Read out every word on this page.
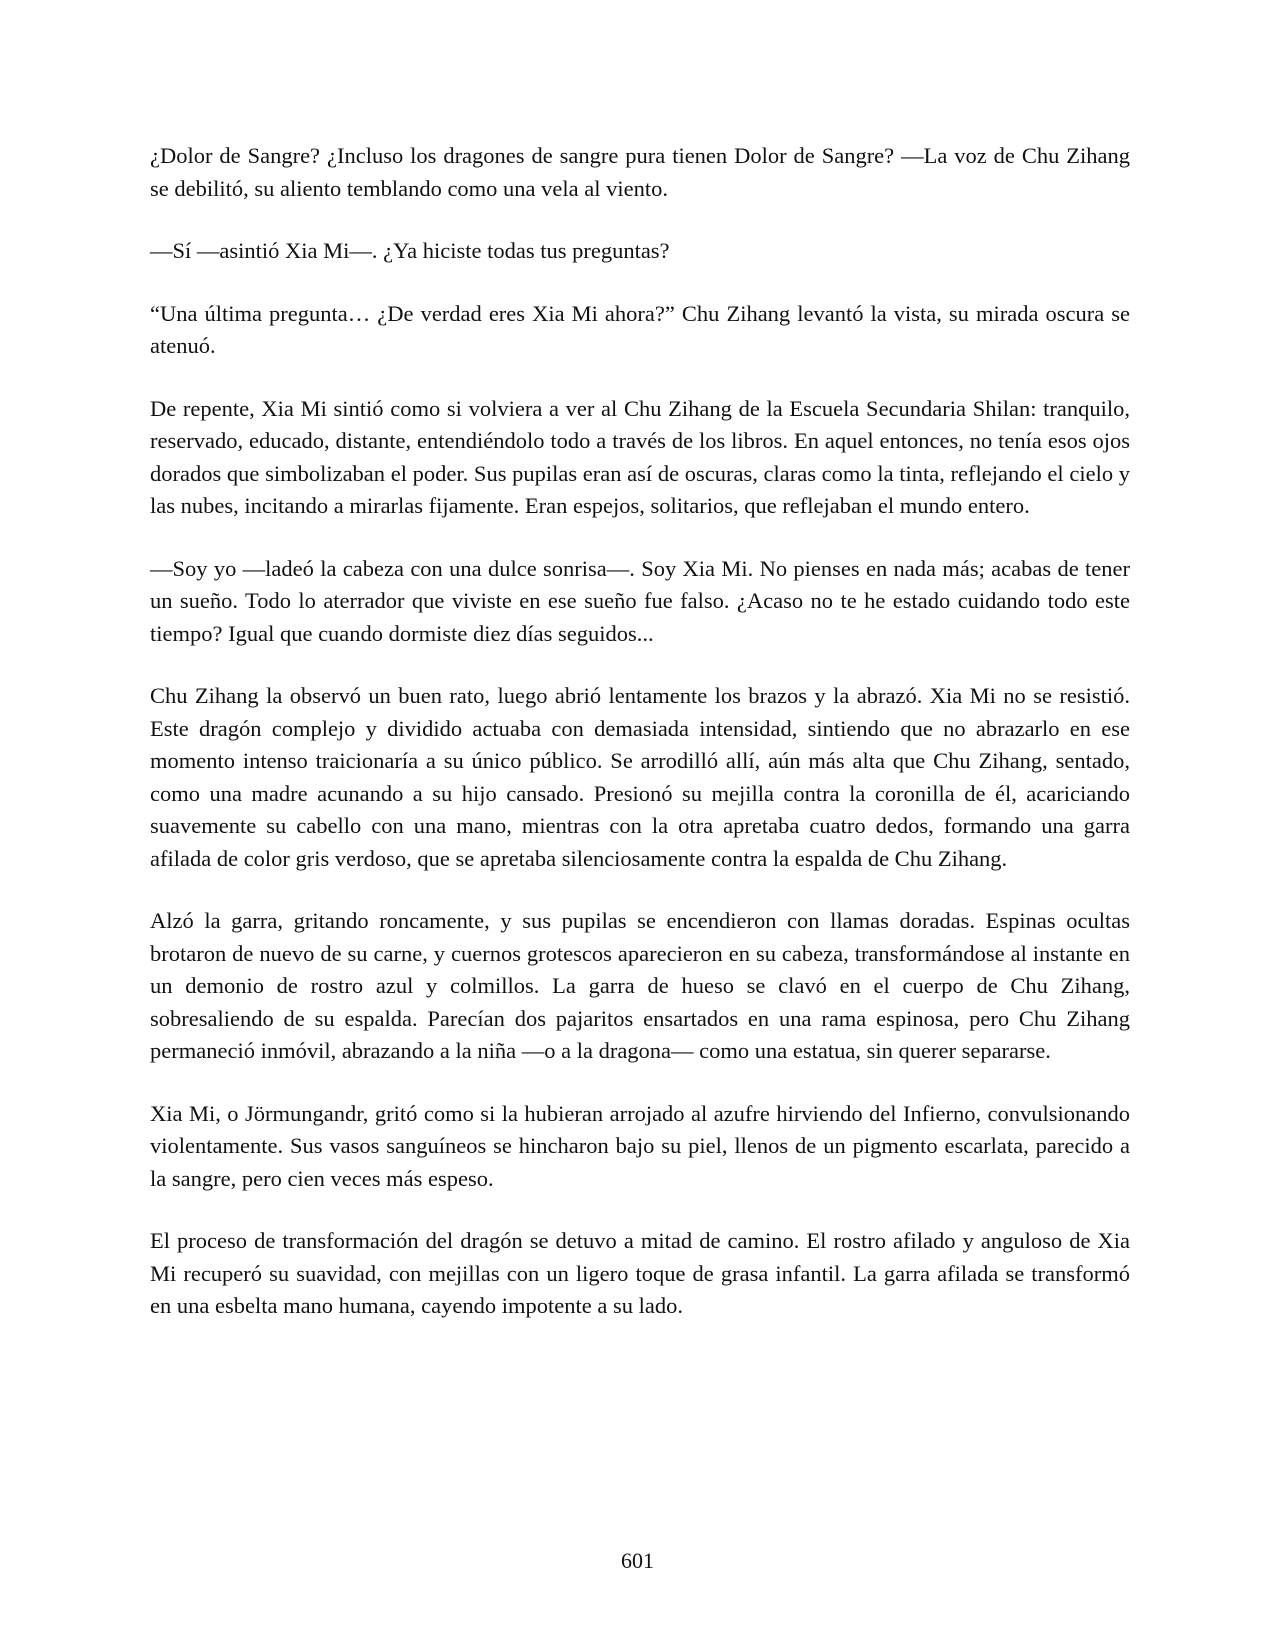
¿Dolor de Sangre? ¿Incluso los dragones de sangre pura tienen Dolor de Sangre? —La voz de Chu Zihang se debilitó, su aliento temblando como una vela al viento.

—Sí —asintió Xia Mi—. ¿Ya hiciste todas tus preguntas?

“Una última pregunta… ¿De verdad eres Xia Mi ahora?” Chu Zihang levantó la vista, su mirada oscura se atenuó.

De repente, Xia Mi sintió como si volviera a ver al Chu Zihang de la Escuela Secundaria Shilan: tranquilo, reservado, educado, distante, entendiéndolo todo a través de los libros. En aquel entonces, no tenía esos ojos dorados que simbolizaban el poder. Sus pupilas eran así de oscuras, claras como la tinta, reflejando el cielo y las nubes, incitando a mirarlas fijamente. Eran espejos, solitarios, que reflejaban el mundo entero.

—Soy yo —ladeó la cabeza con una dulce sonrisa—. Soy Xia Mi. No pienses en nada más; acabas de tener un sueño. Todo lo aterrador que viviste en ese sueño fue falso. ¿Acaso no te he estado cuidando todo este tiempo? Igual que cuando dormiste diez días seguidos...

Chu Zihang la observó un buen rato, luego abrió lentamente los brazos y la abrazó. Xia Mi no se resistió. Este dragón complejo y dividido actuaba con demasiada intensidad, sintiendo que no abrazarlo en ese momento intenso traicionaría a su único público. Se arrodilló allí, aún más alta que Chu Zihang, sentado, como una madre acunando a su hijo cansado. Presionó su mejilla contra la coronilla de él, acariciando suavemente su cabello con una mano, mientras con la otra apretaba cuatro dedos, formando una garra afilada de color gris verdoso, que se apretaba silenciosamente contra la espalda de Chu Zihang.

Alzó la garra, gritando roncamente, y sus pupilas se encendieron con llamas doradas. Espinas ocultas brotaron de nuevo de su carne, y cuernos grotescos aparecieron en su cabeza, transformándose al instante en un demonio de rostro azul y colmillos. La garra de hueso se clavó en el cuerpo de Chu Zihang, sobresaliendo de su espalda. Parecían dos pajaritos ensartados en una rama espinosa, pero Chu Zihang permaneció inmóvil, abrazando a la niña —o a la dragona— como una estatua, sin querer separarse.

Xia Mi, o Jörmungandr, gritó como si la hubieran arrojado al azufre hirviendo del Infierno, convulsionando violentamente. Sus vasos sanguíneos se hincharon bajo su piel, llenos de un pigmento escarlata, parecido a la sangre, pero cien veces más espeso.

El proceso de transformación del dragón se detuvo a mitad de camino. El rostro afilado y anguloso de Xia Mi recuperó su suavidad, con mejillas con un ligero toque de grasa infantil. La garra afilada se transformó en una esbelta mano humana, cayendo impotente a su lado.

601
